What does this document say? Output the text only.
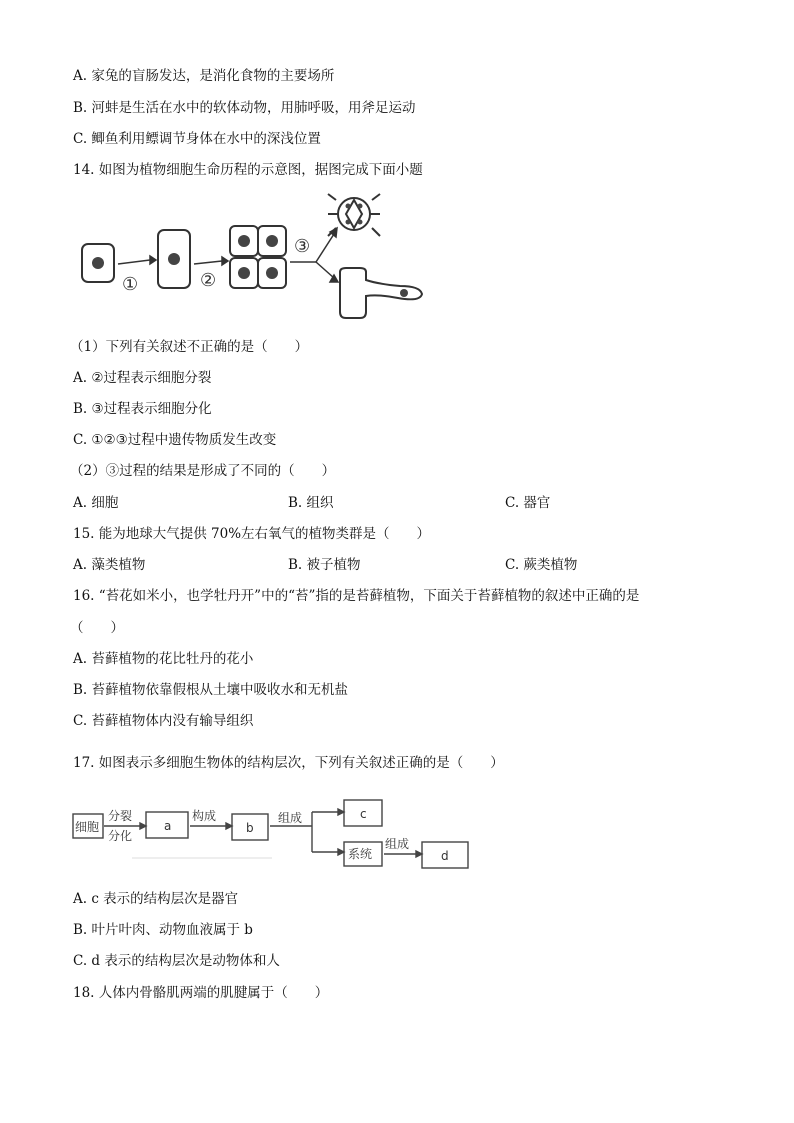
A. 家兔的盲肠发达，是消化食物的主要场所
B. 河蚌是生活在水中的软体动物，用肺呼吸，用斧足运动
C. 鲫鱼利用鳔调节身体在水中的深浅位置
14. 如图为植物细胞生命历程的示意图，据图完成下面小题
①	②
③
（1）下列有关叙述不正确的是（　　）
A. ②过程表示细胞分裂
B. ③过程表示细胞分化
C. ①②③过程中遗传物质发生改变
（2）③过程的结果是形成了不同的（　　）
A. 细胞	B. 组织	C. 器官
15. 能为地球大气提供 70%左右氧气的植物类群是（　　）
A. 藻类植物	B. 被子植物	C. 蕨类植物
16. “苔花如米小，也学牡丹开”中的“苔”指的是苔藓植物，下面关于苔藓植物的叙述中正确的是
（　　）
A. 苔藓植物的花比牡丹的花小
B. 苔藓植物依靠假根从土壤中吸收水和无机盐
C. 苔藓植物体内没有输导组织
17. 如图表示多细胞生物体的结构层次，下列有关叙述正确的是（　　）
细胞
分裂
分化
a
构成
b
组成	c
系统
组成
d
A. c 表示的结构层次是器官
B. 叶片叶肉、动物血液属于 b
C. d 表示的结构层次是动物体和人
18. 人体内骨骼肌两端的肌腱属于（　　）
